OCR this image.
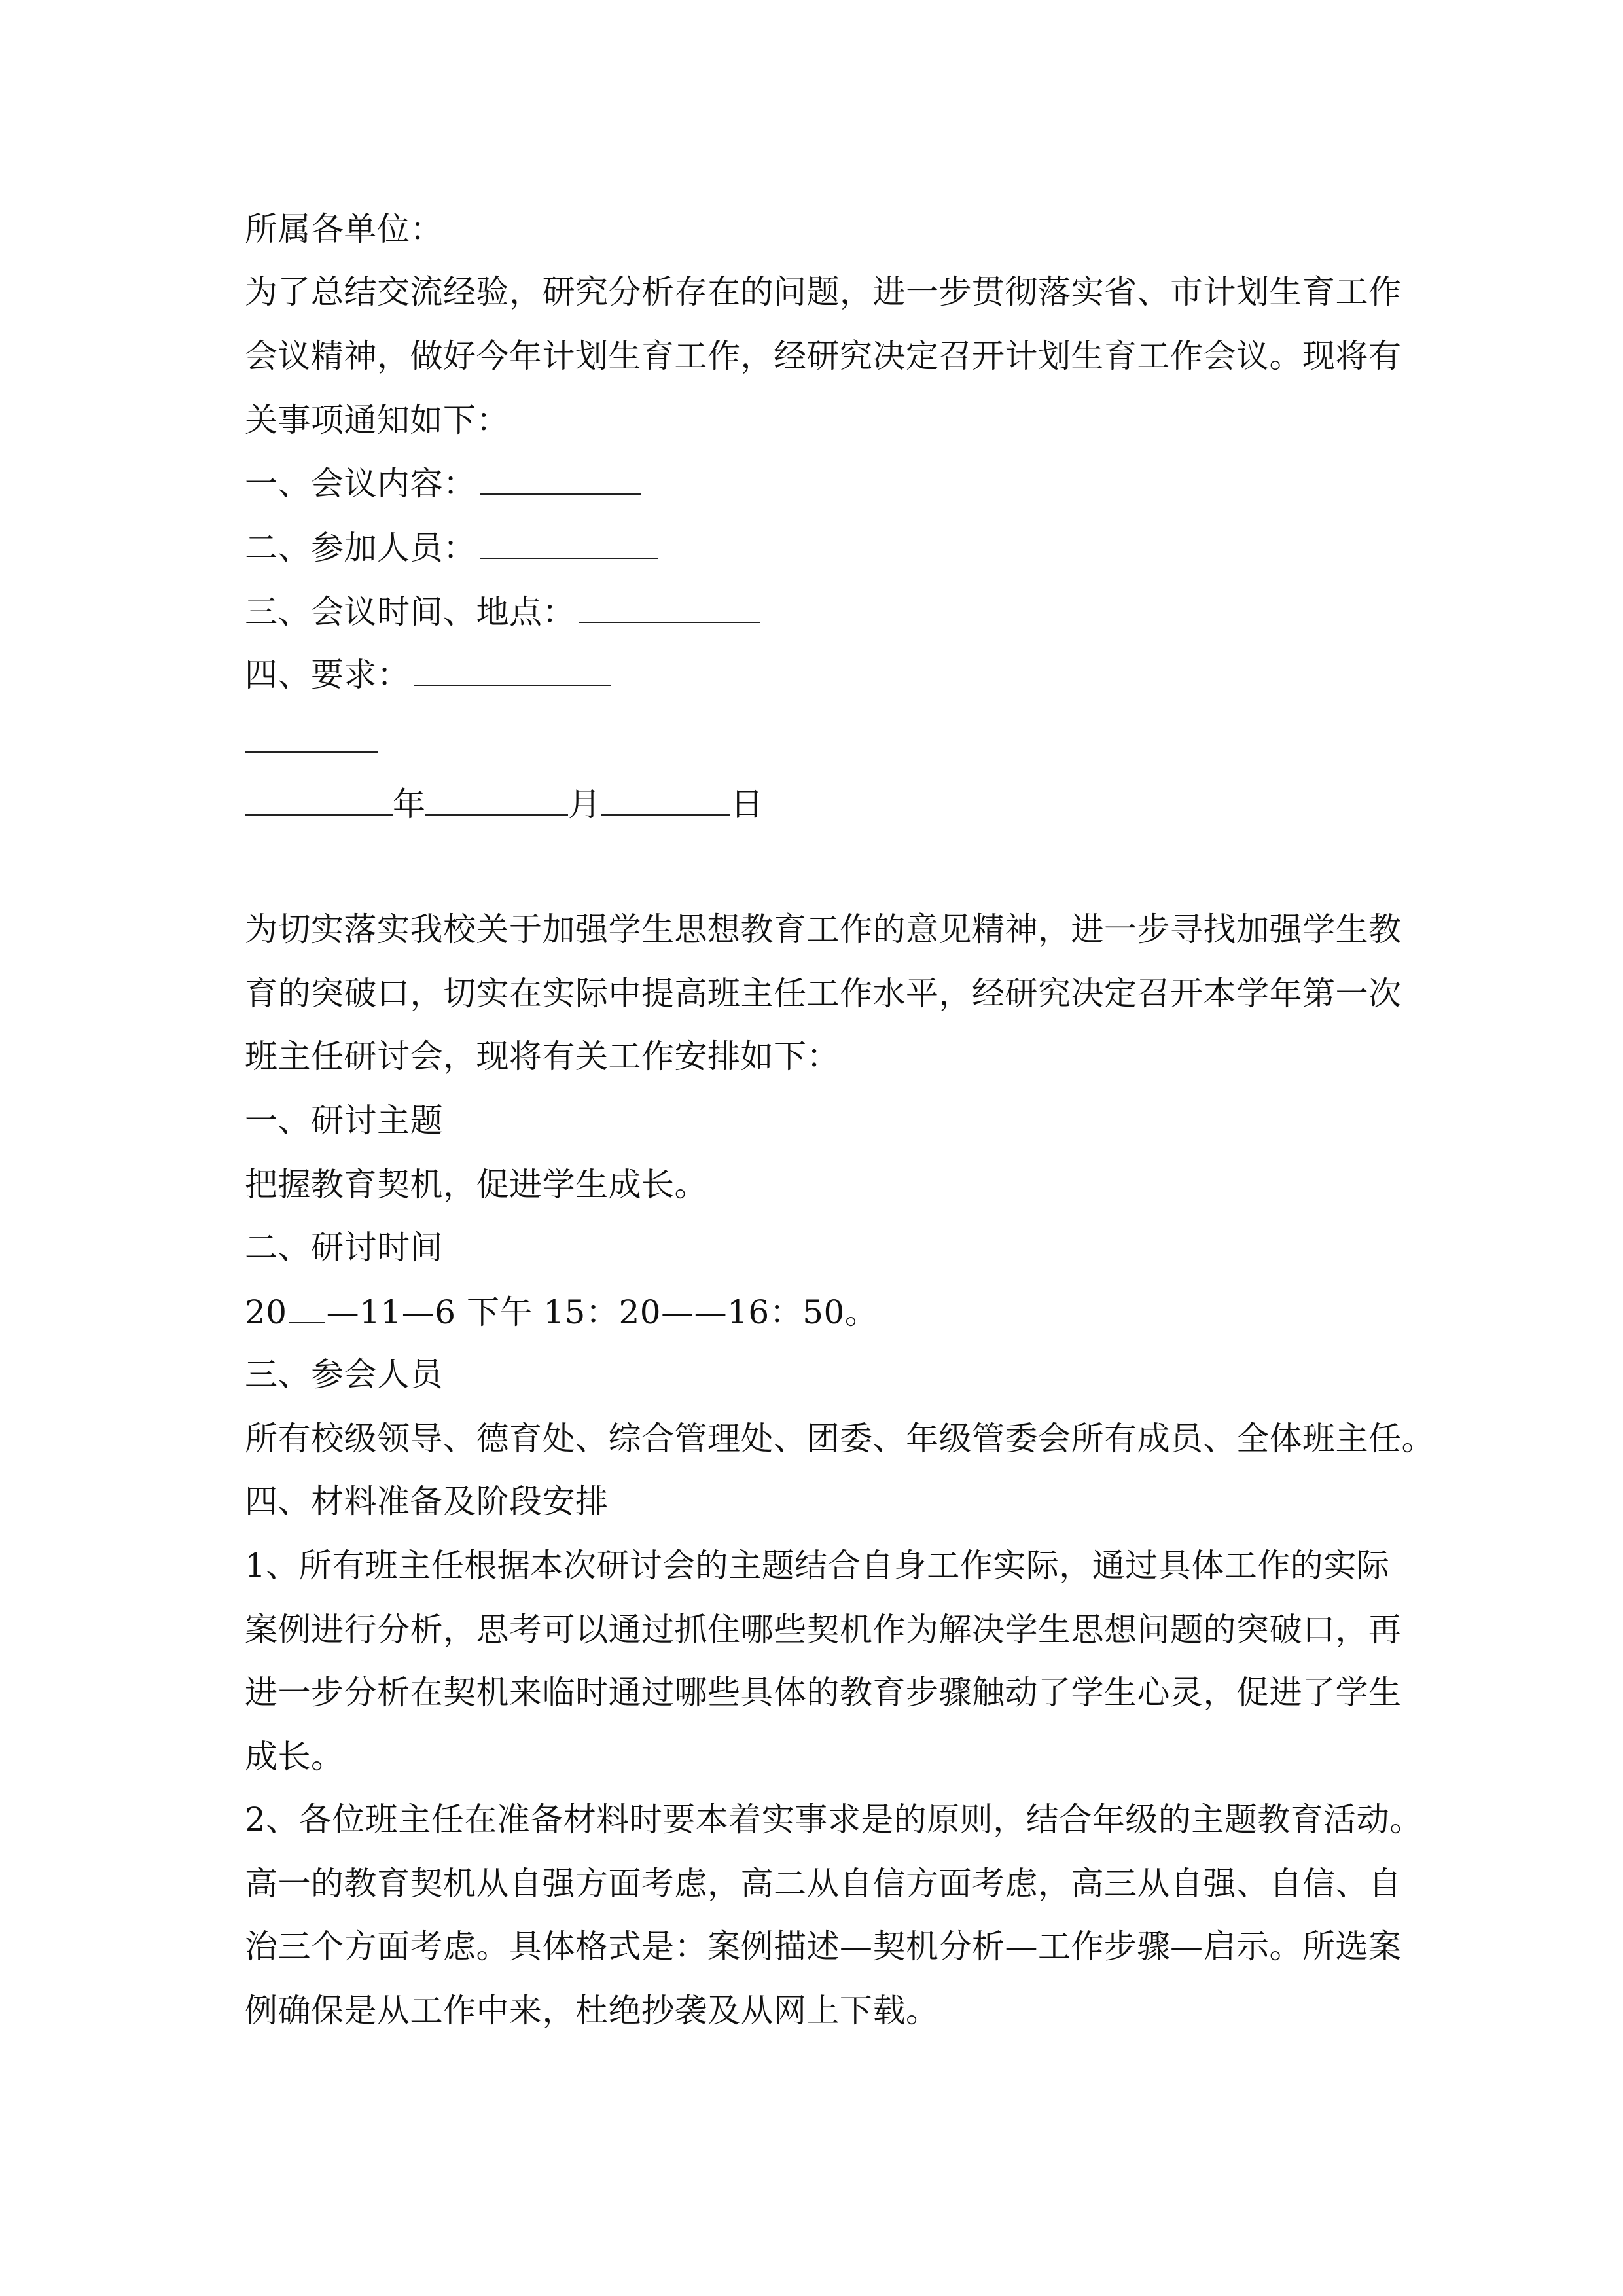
所属各单位：
为了总结交流经验，研究分析存在的问题，进一步贯彻落实省、市计划生育工作
会议精神，做好今年计划生育工作，经研究决定召开计划生育工作会议。现将有
关事项通知如下：
一、会议内容：
二、参加人员：
三、会议时间、地点：
四、要求：
年	月	日
为切实落实我校关于加强学生思想教育工作的意见精神，进一步寻找加强学生教
育的突破口，切实在实际中提高班主任工作水平，经研究决定召开本学年第一次
班主任研讨会，现将有关工作安排如下：
一、研讨主题
把握教育契机，促进学生成长。
二、研讨时间
20 —11—6 下午 15：20——16：50。
三、参会人员
所有校级领导、德育处、综合管理处、团委、年级管委会所有成员、全体班主任。
四、材料准备及阶段安排
1、所有班主任根据本次研讨会的主题结合自身工作实际，通过具体工作的实际
案例进行分析，思考可以通过抓住哪些契机作为解决学生思想问题的突破口，再
进一步分析在契机来临时通过哪些具体的教育步骤触动了学生心灵，促进了学生
成长。
2、各位班主任在准备材料时要本着实事求是的原则，结合年级的主题教育活动。
高一的教育契机从自强方面考虑，高二从自信方面考虑，高三从自强、自信、自
治三个方面考虑。具体格式是：案例描述—契机分析—工作步骤—启示。所选案
例确保是从工作中来，杜绝抄袭及从网上下载。
